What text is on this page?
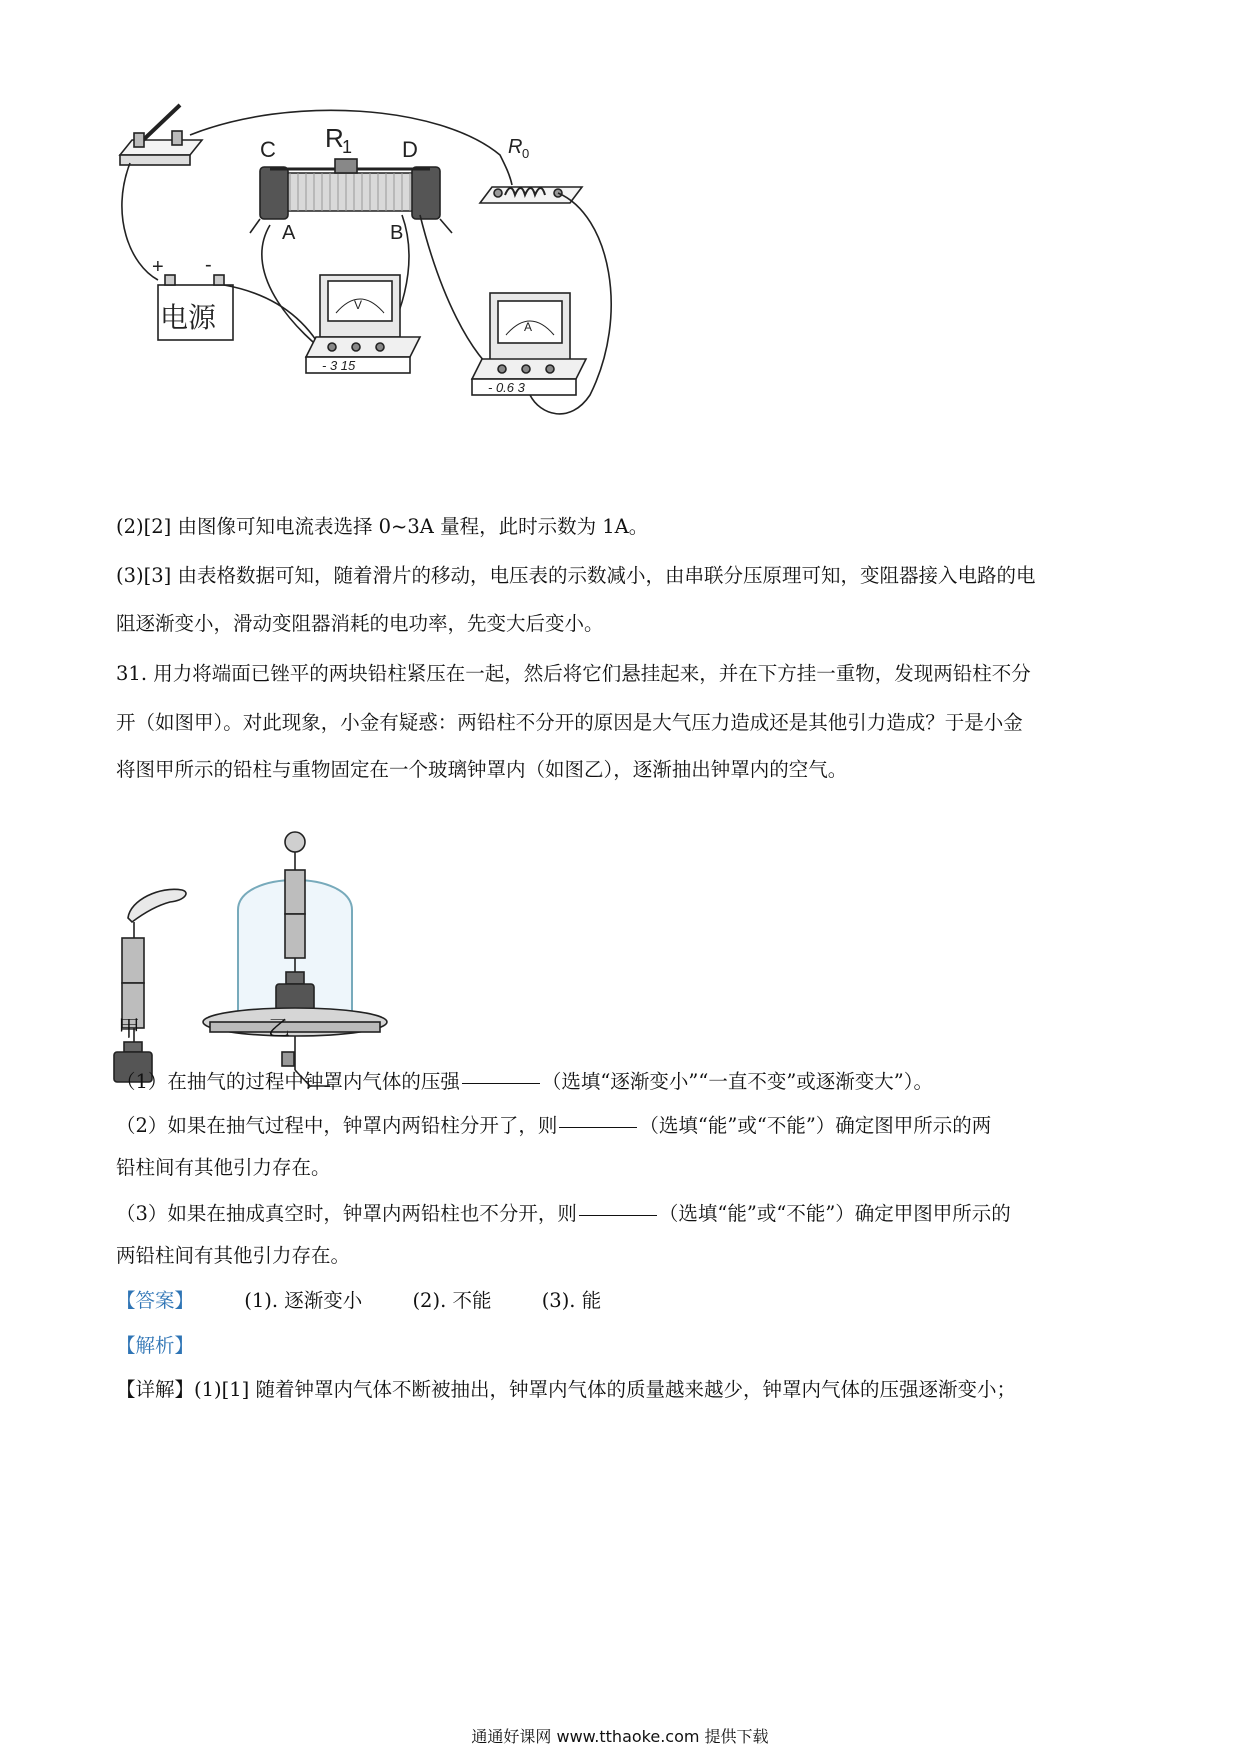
C R
1 D	R 0
A	B
+ -
电源	V
- 3 15
A
- 0.6 3
(2)[2] 由图像可知电流表选择 0~3A 量程，此时示数为 1A。
(3)[3] 由表格数据可知，随着滑片的移动，电压表的示数减小，由串联分压原理可知，变阻器接入电路的电
阻逐渐变小，滑动变阻器消耗的电功率，先变大后变小。
31. 用力将端面已锉平的两块铅柱紧压在一起，然后将它们悬挂起来，并在下方挂一重物，发现两铅柱不分
开（如图甲）。对此现象，小金有疑惑：两铅柱不分开的原因是大气压力造成还是其他引力造成？于是小金
将图甲所示的铅柱与重物固定在一个玻璃钟罩内（如图乙），逐渐抽出钟罩内的空气。
甲	乙
（1）在抽气的过程中钟罩内气体的压强	（选填“逐渐变小”“一直不变”或逐渐变大”）。
（2）如果在抽气过程中，钟罩内两铅柱分开了，则	（选填“能”或“不能”）确定图甲所示的两
铅柱间有其他引力存在。
（3）如果在抽成真空时，钟罩内两铅柱也不分开，则	（选填“能”或“不能”）确定甲图甲所示的
两铅柱间有其他引力存在。
【答案】	(1). 逐渐变小	(2). 不能	(3). 能
【解析】
【详解】(1)[1] 随着钟罩内气体不断被抽出，钟罩内气体的质量越来越少，钟罩内气体的压强逐渐变小；
通通好课网 www.tthaoke.com 提供下载
